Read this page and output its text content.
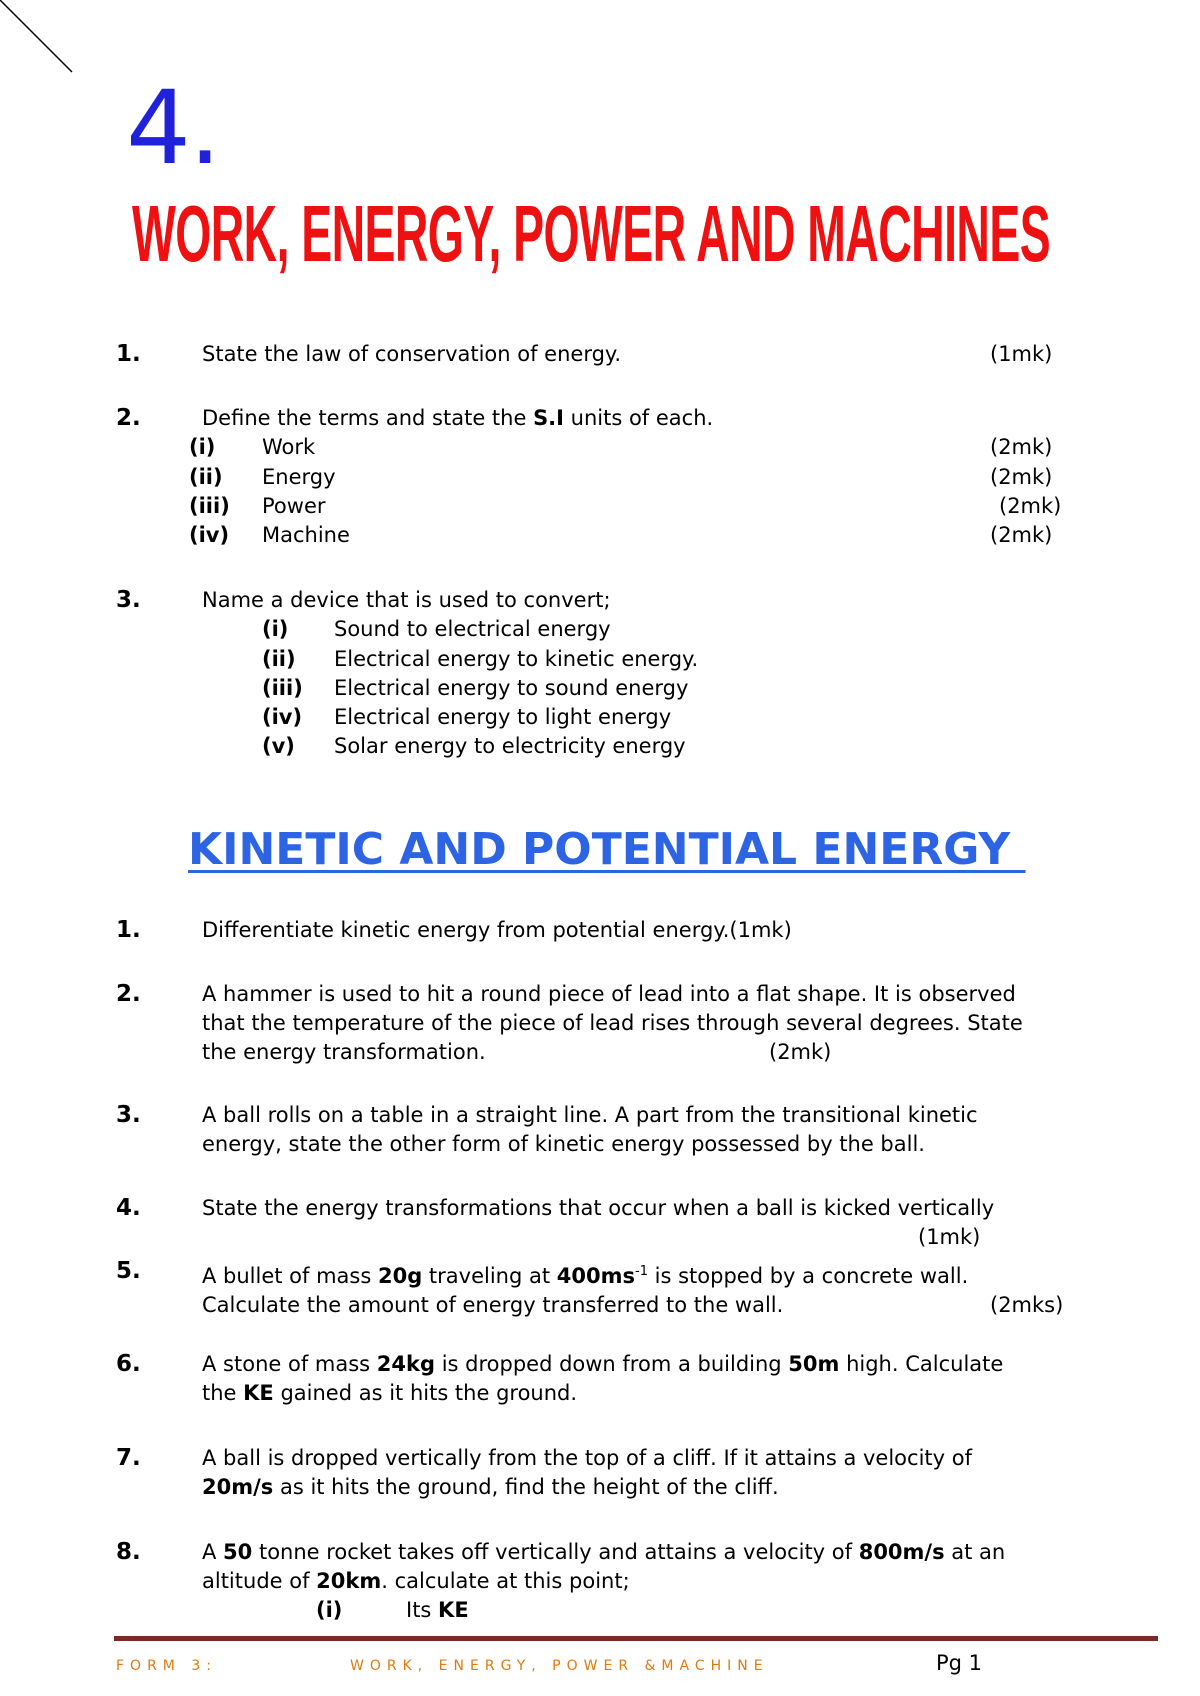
4.
WORK, ENERGY, POWER AND MACHINES
1.	State the law of conservation of energy.	(1mk)
2.	Define the terms and state the S.I units of each.
(i) Work	(2mk)
(ii) Energy	(2mk)
(iii) Power	(2mk)
(iv) Machine	(2mk)
3.	Name a device that is used to convert;
(i) Sound to electrical energy
(ii) Electrical energy to kinetic energy.
(iii) Electrical energy to sound energy
(iv) Electrical energy to light energy
(v) Solar energy to electricity energy
KINETIC AND POTENTIAL ENERGY
1.	Differentiate kinetic energy from potential energy.(1mk)
2.	A hammer is used to hit a round piece of lead into a flat shape. It is observed
that the temperature of the piece of lead rises through several degrees. State
the energy transformation.	(2mk)
3.	A ball rolls on a table in a straight line. A part from the transitional kinetic
energy, state the other form of kinetic energy possessed by the ball.
4.	State the energy transformations that occur when a ball is kicked vertically
(1mk)
5.	A bullet of mass 20g traveling at $400ms^{-1}$ is stopped by a concrete wall.
Calculate the amount of energy transferred to the wall.	(2mks)
6.	A stone of mass 24kg is dropped down from a building 50m high. Calculate
the KE gained as it hits the ground.
7.	A ball is dropped vertically from the top of a cliff. If it attains a velocity of
20m/s as it hits the ground, find the height of the cliff.
8.	A 50 tonne rocket takes off vertically and attains a velocity of 800m/s at an
altitude of 20km. calculate at this point;
(i)	Its KE
FORM 3:	WORK, ENERGY, POWER &MACHINE	Pg 1
